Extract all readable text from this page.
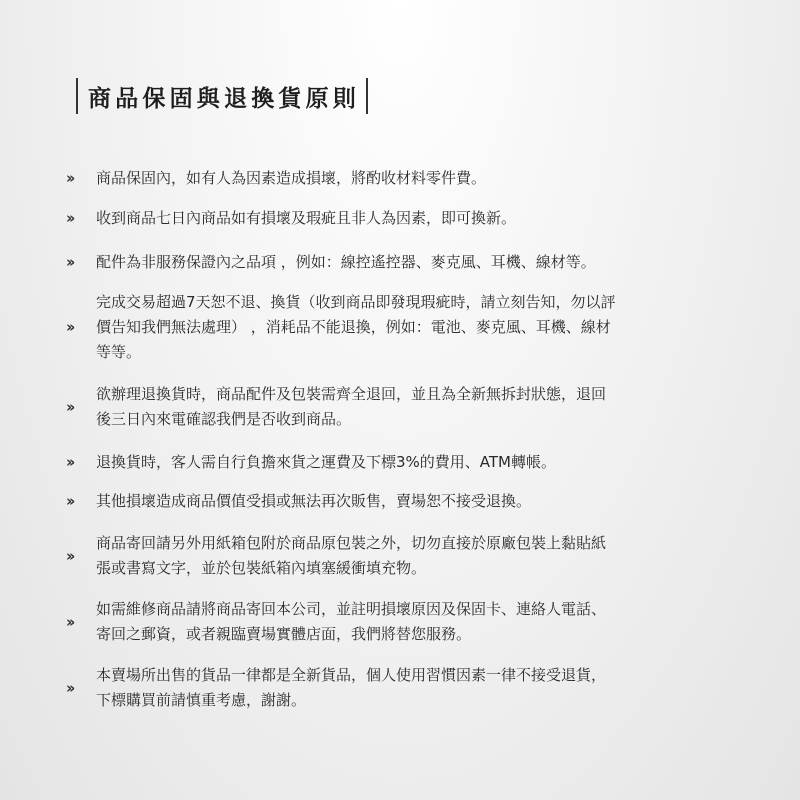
商品保固與退換貨原則
››	商品保固內，如有人為因素造成損壞，將酌收材料零件費。
››	收到商品七日內商品如有損壞及瑕疵且非人為因素，即可換新。
››	配件為非服務保證內之品項 ，例如：線控遙控器、麥克風、耳機、線材等。
››
完成交易超過7天恕不退、換貨（收到商品即發現瑕疵時，請立刻告知，勿以評
價告知我們無法處理） ，消耗品不能退換，例如：電池、麥克風、耳機、線材
等等。
››
欲辦理退換貨時，商品配件及包裝需齊全退回，並且為全新無拆封狀態，退回
後三日內來電確認我們是否收到商品。
››	退換貨時，客人需自行負擔來貨之運費及下標3%的費用、ATM轉帳。
››	其他損壞造成商品價值受損或無法再次販售，賣場恕不接受退換。
››
商品寄回請另外用紙箱包附於商品原包裝之外，切勿直接於原廠包裝上黏貼紙
張或書寫文字，並於包裝紙箱內填塞緩衝填充物。
››
如需維修商品請將商品寄回本公司，並註明損壞原因及保固卡、連絡人電話、
寄回之郵資，或者親臨賣場實體店面，我們將替您服務。
››
本賣場所出售的貨品一律都是全新貨品，個人使用習慣因素一律不接受退貨，
下標購買前請慎重考慮，謝謝。
